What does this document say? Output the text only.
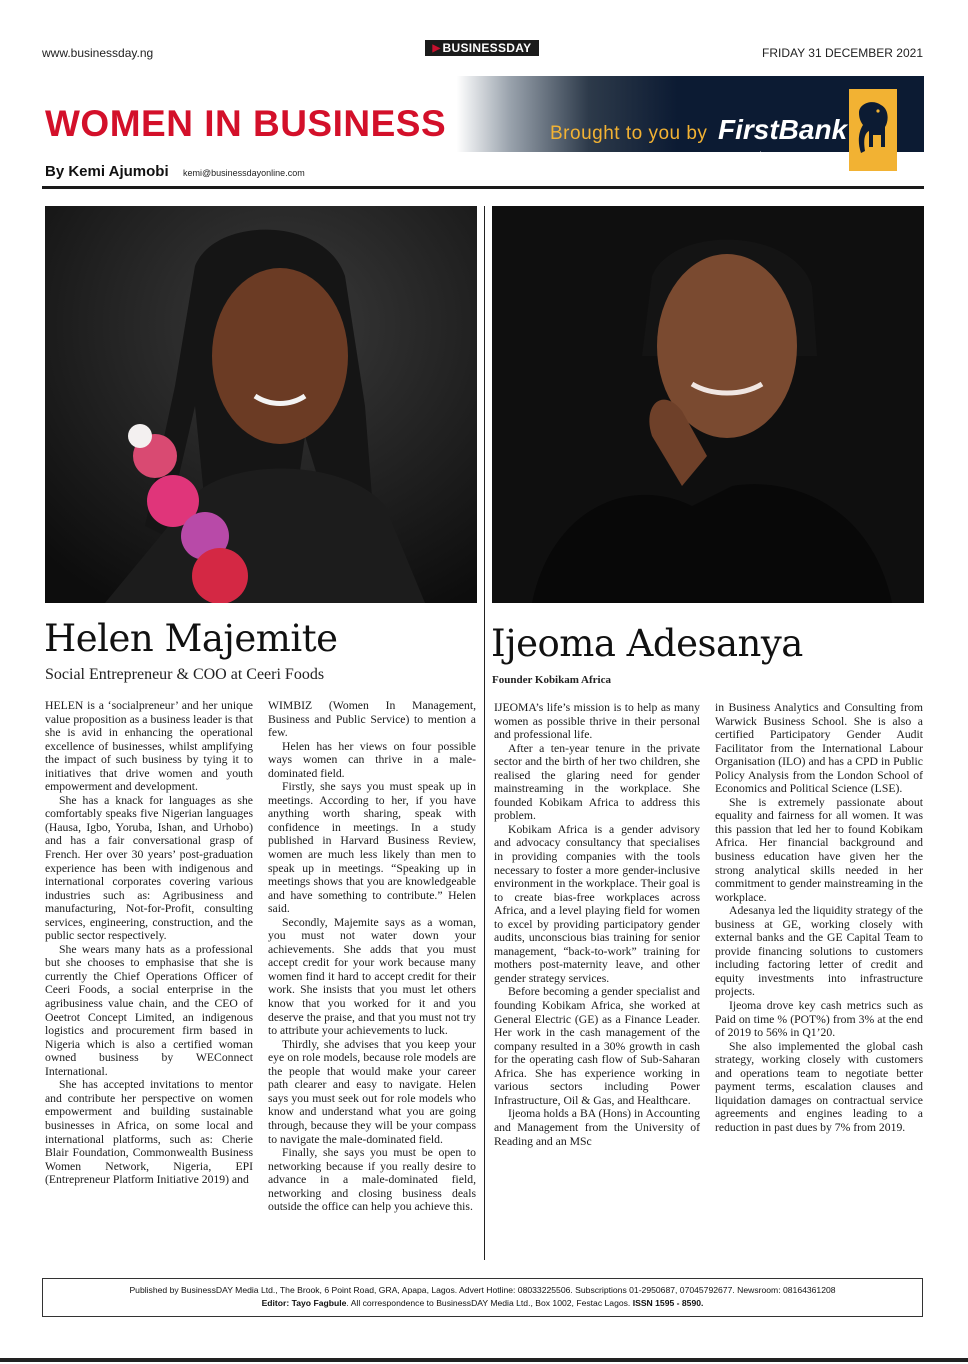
www.businessday.ng	▶ BUSINESSDAY	FRIDAY 31 DECEMBER 2021
WOMEN IN BUSINESS	Brought to you by FirstBank
Since 1894
By Kemi Ajumobi kemi@businessdayonline.com
Helen Majemite
Social Entrepreneur & COO at Ceeri Foods
Ijeoma Adesanya
Founder Kobikam Africa

HELEN is a ‘socialpreneur’ and her unique value proposition as a business leader is that she is avid in enhancing the operational excellence of businesses, whilst amplifying the impact of such business by tying it to initiatives that drive women and youth empowerment and development.

She has a knack for languages as she comfortably speaks five Nigerian languages (Hausa, Igbo, Yoruba, Ishan, and Urhobo) and has a fair conversational grasp of French. Her over 30 years’ post-graduation experience has been with indigenous and international corporates covering various industries such as: Agribusiness and manufacturing, Not-for-Profit, consulting services, engineering, construction, and the public sector respectively.

She wears many hats as a professional but she chooses to emphasise that she is currently the Chief Operations Officer of Ceeri Foods, a social enterprise in the agribusiness value chain, and the CEO of Oeetrot Concept Limited, an indigenous logistics and procurement firm based in Nigeria which is also a certified woman owned business by WEConnect International.

She has accepted invitations to mentor and contribute her perspective on women empowerment and building sustainable businesses in Africa, on some local and international platforms, such as: Cherie Blair Foundation, Commonwealth Business Women Network, Nigeria, EPI (Entrepreneur Platform Initiative 2019) and

WIMBIZ (Women In Management, Business and Public Service) to mention a few.

Helen has her views on four possible ways women can thrive in a male-dominated field.

Firstly, she says you must speak up in meetings. According to her, if you have anything worth sharing, speak with confidence in meetings. In a study published in Harvard Business Review, women are much less likely than men to speak up in meetings. “Speaking up in meetings shows that you are knowledgeable and have something to contribute.” Helen said.

Secondly, Majemite says as a woman, you must not water down your achievements. She adds that you must accept credit for your work because many women find it hard to accept credit for their work. She insists that you must let others know that you worked for it and you deserve the praise, and that you must not try to attribute your achievements to luck.

Thirdly, she advises that you keep your eye on role models, because role models are the people that would make your career path clearer and easy to navigate. Helen says you must seek out for role models who know and understand what you are going through, because they will be your compass to navigate the male-dominated field.

Finally, she says you must be open to networking because if you really desire to advance in a male-dominated field, networking and closing business deals outside the office can help you achieve this.

IJEOMA’s life’s mission is to help as many women as possible thrive in their personal and professional life.

After a ten-year tenure in the private sector and the birth of her two children, she realised the glaring need for gender mainstreaming in the workplace. She founded Kobikam Africa to address this problem.

Kobikam Africa is a gender advisory and advocacy consultancy that specialises in providing companies with the tools necessary to foster a more gender-inclusive environment in the workplace. Their goal is to create bias-free workplaces across Africa, and a level playing field for women to excel by providing participatory gender audits, unconscious bias training for senior management, “back-to-work” training for mothers post-maternity leave, and other gender strategy services.

Before becoming a gender specialist and founding Kobikam Africa, she worked at General Electric (GE) as a Finance Leader. Her work in the cash management of the company resulted in a 30% growth in cash for the operating cash flow of Sub-Saharan Africa. She has experience working in various sectors including Power Infrastructure, Oil & Gas, and Healthcare.

Ijeoma holds a BA (Hons) in Accounting and Management from the University of Reading and an MSc

in Business Analytics and Consulting from Warwick Business School. She is also a certified Participatory Gender Audit Facilitator from the International Labour Organisation (ILO) and has a CPD in Public Policy Analysis from the London School of Economics and Political Science (LSE).

She is extremely passionate about equality and fairness for all women. It was this passion that led her to found Kobikam Africa. Her financial background and business education have given her the strong analytical skills needed in her commitment to gender mainstreaming in the workplace.

Adesanya led the liquidity strategy of the business at GE, working closely with external banks and the GE Capital Team to provide financing solutions to customers including factoring letter of credit and equity investments into infrastructure projects.

Ijeoma drove key cash metrics such as Paid on time % (POT%) from 3% at the end of 2019 to 56% in Q1’20.

She also implemented the global cash strategy, working closely with customers and operations team to negotiate better payment terms, escalation clauses and liquidation damages on contractual service agreements and engines leading to a reduction in past dues by 7% from 2019.

Published by BusinessDAY Media Ltd., The Brook, 6 Point Road, GRA, Apapa, Lagos. Advert Hotline: 08033225506. Subscriptions 01-2950687, 07045792677. Newsroom: 08164361208
Editor: Tayo Fagbule. All correspondence to BusinessDAY Media Ltd., Box 1002, Festac Lagos. ISSN 1595 - 8590.
